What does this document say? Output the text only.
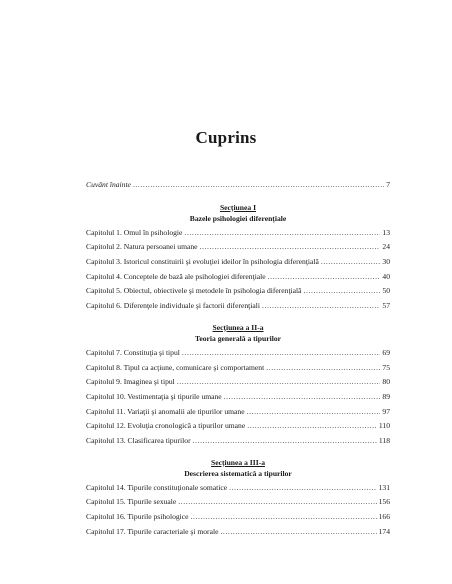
Cuprins
Cuvânt înainte .....	7
Secţiunea I
Bazele psihologiei diferenţiale
Capitolul 1. Omul în psihologie .....	13
Capitolul 2. Natura persoanei umane .....	24
Capitolul 3. Istoricul constituirii şi evoluţiei ideilor în psihologia diferenţială .....	30
Capitolul 4. Conceptele de bază ale psihologiei diferenţiale .....	40
Capitolul 5. Obiectul, obiectivele şi metodele în psihologia diferenţială .....	50
Capitolul 6. Diferenţele individuale şi factorii diferenţiali .....	57
Secţiunea a II-a
Teoria generală a tipurilor
Capitolul 7. Constituţia şi tipul .....	69
Capitolul 8. Tipul ca acţiune, comunicare şi comportament .....	75
Capitolul 9. Imaginea şi tipul .....	80
Capitolul 10. Vestimentaţia şi tipurile umane .....	89
Capitolul 11. Variaţii şi anomalii ale tipurilor umane .....	97
Capitolul 12. Evoluţia cronologică a tipurilor umane .....	110
Capitolul 13. Clasificarea tipurilor .....	118
Secţiunea a III-a
Descrierea sistematică a tipurilor
Capitolul 14. Tipurile constituţionale somatice .....	131
Capitolul 15. Tipurile sexuale .....	156
Capitolul 16. Tipurile psihologice .....	166
Capitolul 17. Tipurile caracteriale şi morale .....	174
